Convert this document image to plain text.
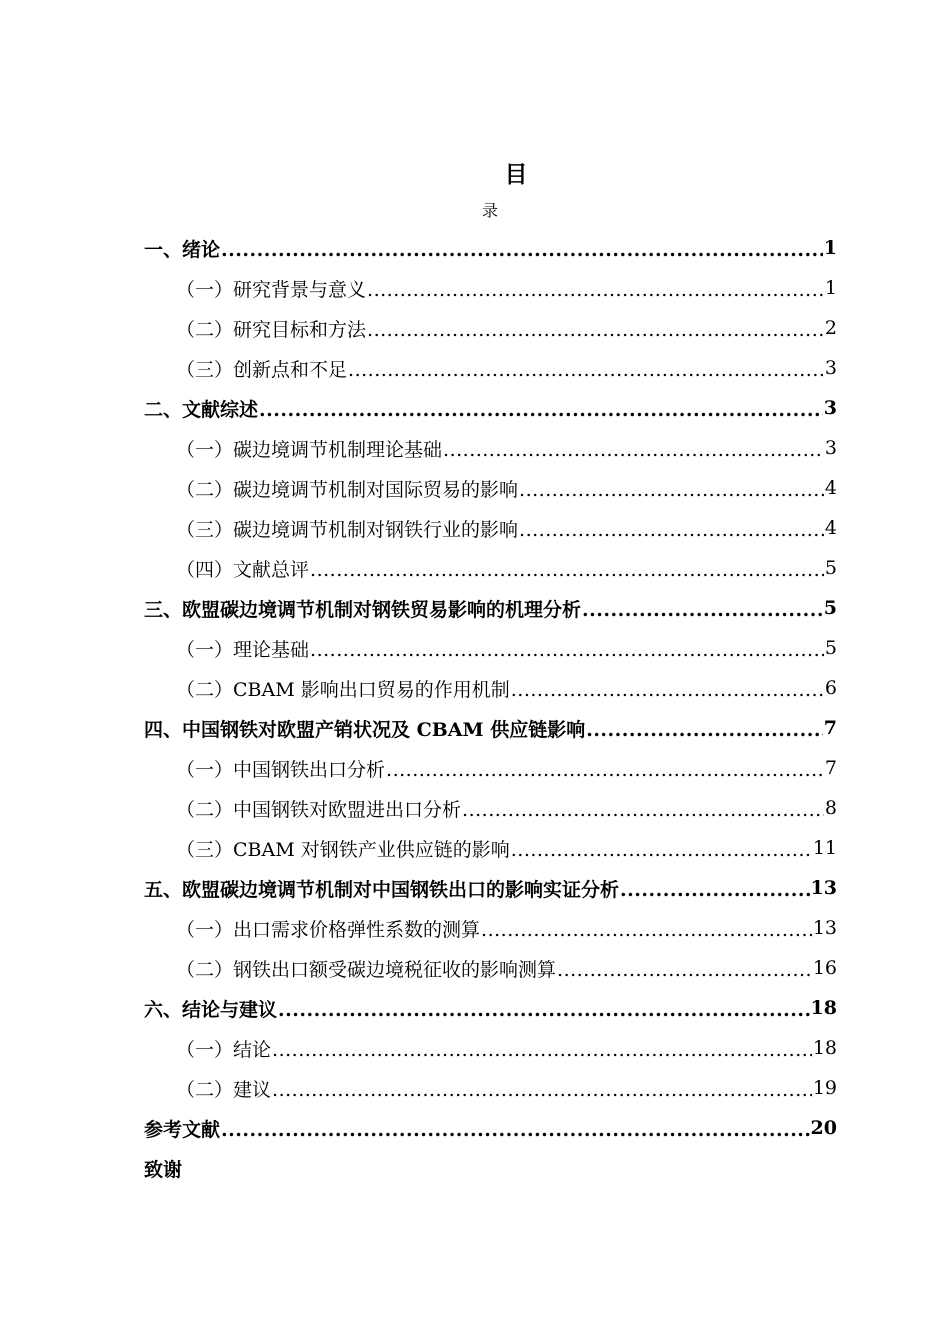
目
录
一、 绪论 .....	1
（一） 研究背景与意义 .....	1
（二） 研究目标和方法 .....	2
（三） 创新点和不足 .....	3
二、 文献综述 .....	3
（一） 碳边境调节机制理论基础 .....	3
（二） 碳边境调节机制对国际贸易的影响 .....	4
（三） 碳边境调节机制对钢铁行业的影响 .....	4
（四） 文献总评 .....	5
三、 欧盟碳边境调节机制对钢铁贸易影响的机理分析 .....	5
（一） 理论基础 .....	5
（二） CBAM 影响出口贸易的作用机制 .....	6
四、 中国钢铁对欧盟产销状况及 CBAM 供应链影响 .....	7
（一） 中国钢铁出口分析 .....	7
（二） 中国钢铁对欧盟进出口分析 .....	8
（三） CBAM 对钢铁产业供应链的影响 .....	11
五、 欧盟碳边境调节机制对中国钢铁出口的影响实证分析 .....	13
（一） 出口需求价格弹性系数的测算 .....	13
（二） 钢铁出口额受碳边境税征收的影响测算 .....	16
六、 结论与建议 .....	18
（一） 结论 .....	18
（二） 建议 .....	19
参考文献 .....	20
致谢
